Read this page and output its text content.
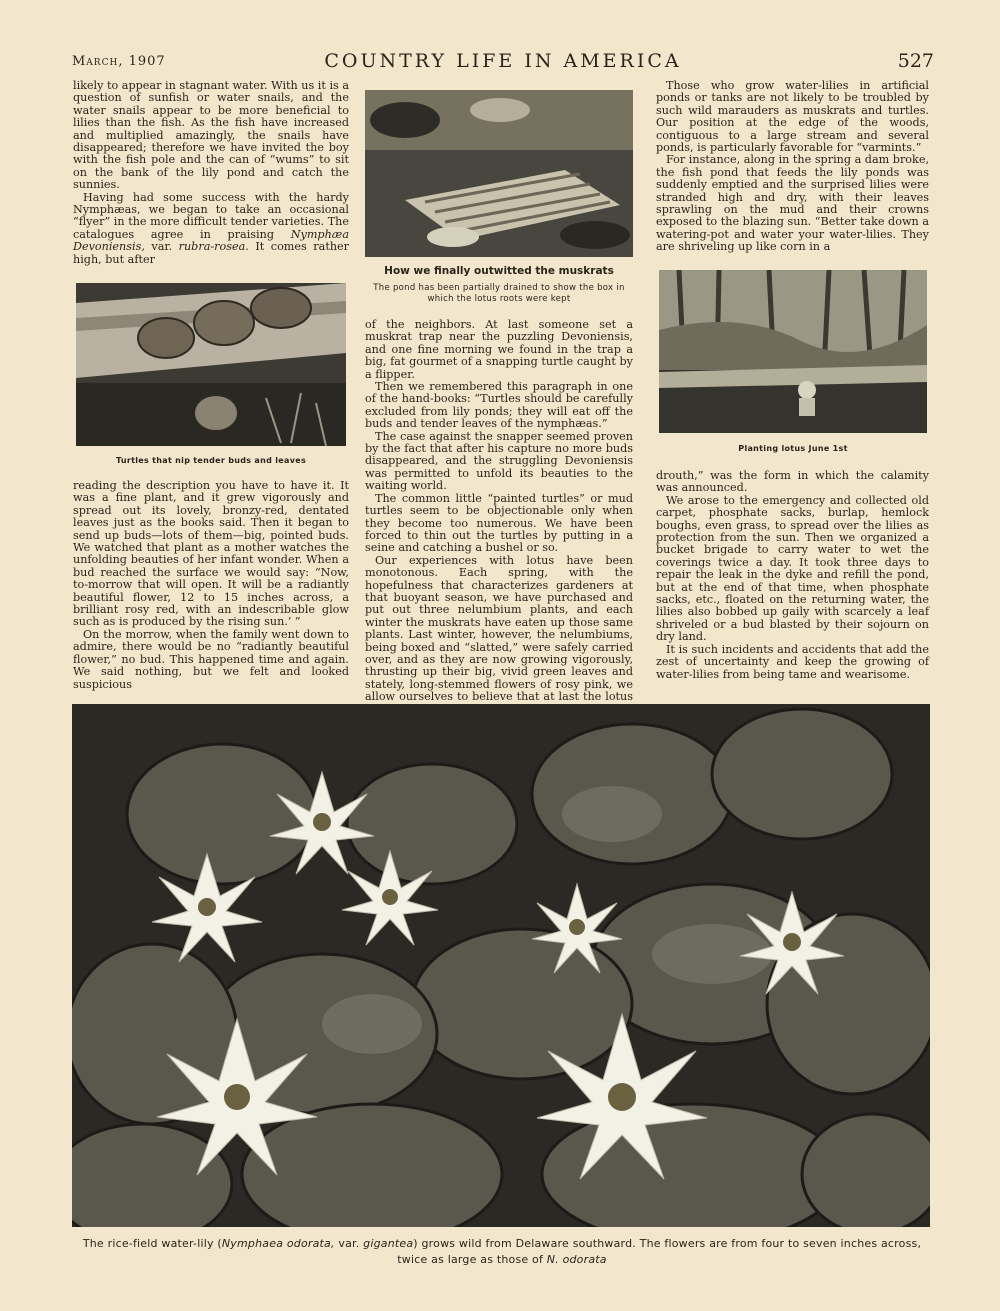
March, 1907	COUNTRY LIFE IN AMERICA	527

likely to appear in stagnant water. With us it is a question of sunfish or water snails, and the water snails appear to be more beneficial to lilies than the fish. As the fish have increased and multiplied amazingly, the snails have disappeared; therefore we have invited the boy with the fish pole and the can of “wums” to sit on the bank of the lily pond and catch the sunnies.

Having had some success with the hardy Nymphæas, we began to take an occasional “flyer” in the more difficult tender varieties. The catalogues agree in praising Nymphæa Devoniensis, var. rubra-rosea. It comes rather high, but after

Turtles that nip tender buds and leaves

reading the description you have to have it. It was a fine plant, and it grew vigorously and spread out its lovely, bronzy-red, dentated leaves just as the books said. Then it began to send up buds—lots of them—big, pointed buds. We watched that plant as a mother watches the unfolding beauties of her infant wonder. When a bud reached the surface we would say: “Now, to-morrow that will open. It will be a radiantly beautiful flower, 12 to 15 inches across, a brilliant rosy red, with an indescribable glow such as is produced by the rising sun.’ ”

On the morrow, when the family went down to admire, there would be no “radiantly beautiful flower,” no bud. This happened time and again. We said nothing, but we felt and looked suspicious

How we finally outwitted the muskrats
The pond has been partially drained to show the box in which the lotus roots were kept

of the neighbors. At last someone set a muskrat trap near the puzzling Devoniensis, and one fine morning we found in the trap a big, fat gourmet of a snapping turtle caught by a flipper.

Then we remembered this paragraph in one of the hand-books: “Turtles should be carefully excluded from lily ponds; they will eat off the buds and tender leaves of the nymphæas.”

The case against the snapper seemed proven by the fact that after his capture no more buds disappeared, and the struggling Devoniensis was permitted to unfold its beauties to the waiting world.

The common little “painted turtles” or mud turtles seem to be objectionable only when they become too numerous. We have been forced to thin out the turtles by putting in a seine and catching a bushel or so.

Our experiences with lotus have been monotonous. Each spring, with the hopefulness that characterizes gardeners at that buoyant season, we have purchased and put out three nelumbium plants, and each winter the muskrats have eaten up those same plants. Last winter, however, the nelumbiums, being boxed and “slatted,” were safely carried over, and as they are now growing vigorously, thrusting up their big, vivid green leaves and stately, long-stemmed flowers of rosy pink, we allow ourselves to believe that at last the lotus

Those who grow water-lilies in artificial ponds or tanks are not likely to be troubled by such wild marauders as muskrats and turtles. Our position at the edge of the woods, contiguous to a large stream and several ponds, is particularly favorable for “varmints.”

For instance, along in the spring a dam broke, the fish pond that feeds the lily ponds was suddenly emptied and the surprised lilies were stranded high and dry, with their leaves sprawling on the mud and their crowns exposed to the blazing sun. “Better take down a watering-pot and water your water-lilies. They are shriveling up like corn in a

Planting lotus June 1st

drouth,” was the form in which the calamity was announced.

We arose to the emergency and collected old carpet, phosphate sacks, burlap, hemlock boughs, even grass, to spread over the lilies as protection from the sun. Then we organized a bucket brigade to carry water to wet the coverings twice a day. It took three days to repair the leak in the dyke and refill the pond, but at the end of that time, when phosphate sacks, etc., floated on the returning water, the lilies also bobbed up gaily with scarcely a leaf shriveled or a bud blasted by their sojourn on dry land.

It is such incidents and accidents that add the zest of uncertainty and keep the growing of water-lilies from being tame and wearisome.

The rice-field water-lily (Nymphaea odorata, var. gigantea) grows wild from Delaware southward. The flowers are from four to seven inches across, twice as large as those of N. odorata
